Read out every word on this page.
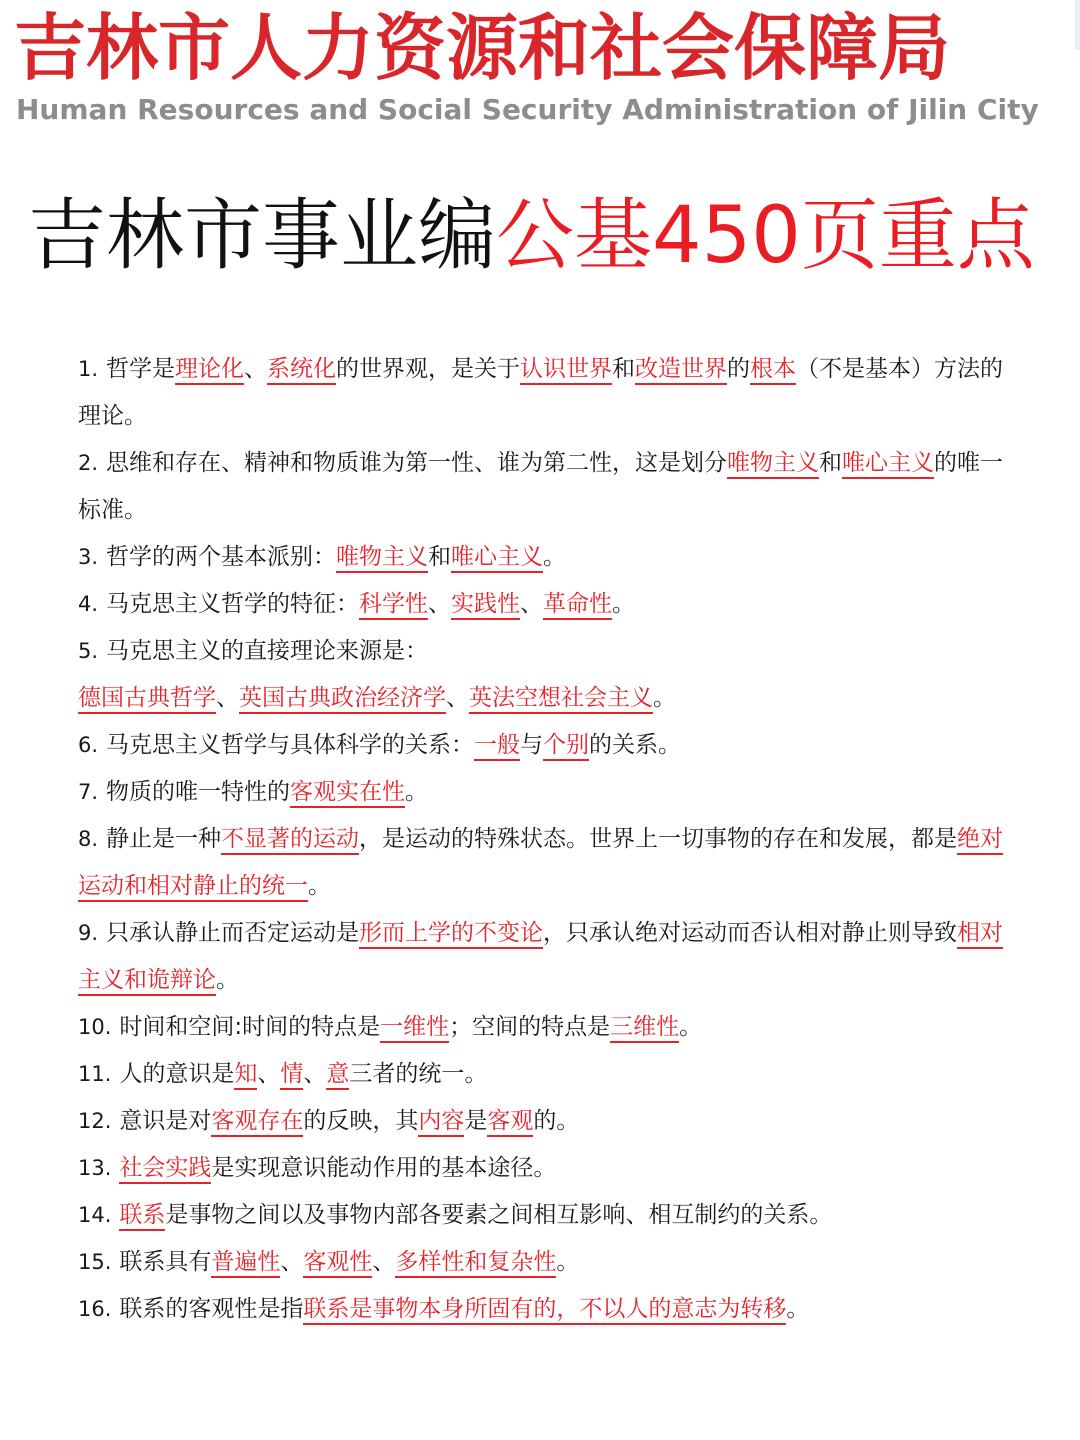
吉林市人力资源和社会保障局
Human Resources and Social Security Administration of Jilin City
吉林市事业编公基450页重点
1. 哲学是理论化、系统化的世界观，是关于认识世界和改造世界的根本（不是基本）方法的理论。
2. 思维和存在、精神和物质谁为第一性、谁为第二性，这是划分唯物主义和唯心主义的唯一标准。
3. 哲学的两个基本派别：唯物主义和唯心主义。
4. 马克思主义哲学的特征：科学性、实践性、革命性。
5. 马克思主义的直接理论来源是：
德国古典哲学、英国古典政治经济学、英法空想社会主义。
6. 马克思主义哲学与具体科学的关系：一般与个别的关系。
7. 物质的唯一特性的客观实在性。
8. 静止是一种不显著的运动，是运动的特殊状态。世界上一切事物的存在和发展，都是绝对运动和相对静止的统一。
9. 只承认静止而否定运动是形而上学的不变论，只承认绝对运动而否认相对静止则导致相对主义和诡辩论。
10. 时间和空间:时间的特点是一维性；空间的特点是三维性。
11. 人的意识是知、情、意三者的统一。
12. 意识是对客观存在的反映，其内容是客观的。
13. 社会实践是实现意识能动作用的基本途径。
14. 联系是事物之间以及事物内部各要素之间相互影响、相互制约的关系。
15. 联系具有普遍性、客观性、多样性和复杂性。
16. 联系的客观性是指联系是事物本身所固有的，不以人的意志为转移。
